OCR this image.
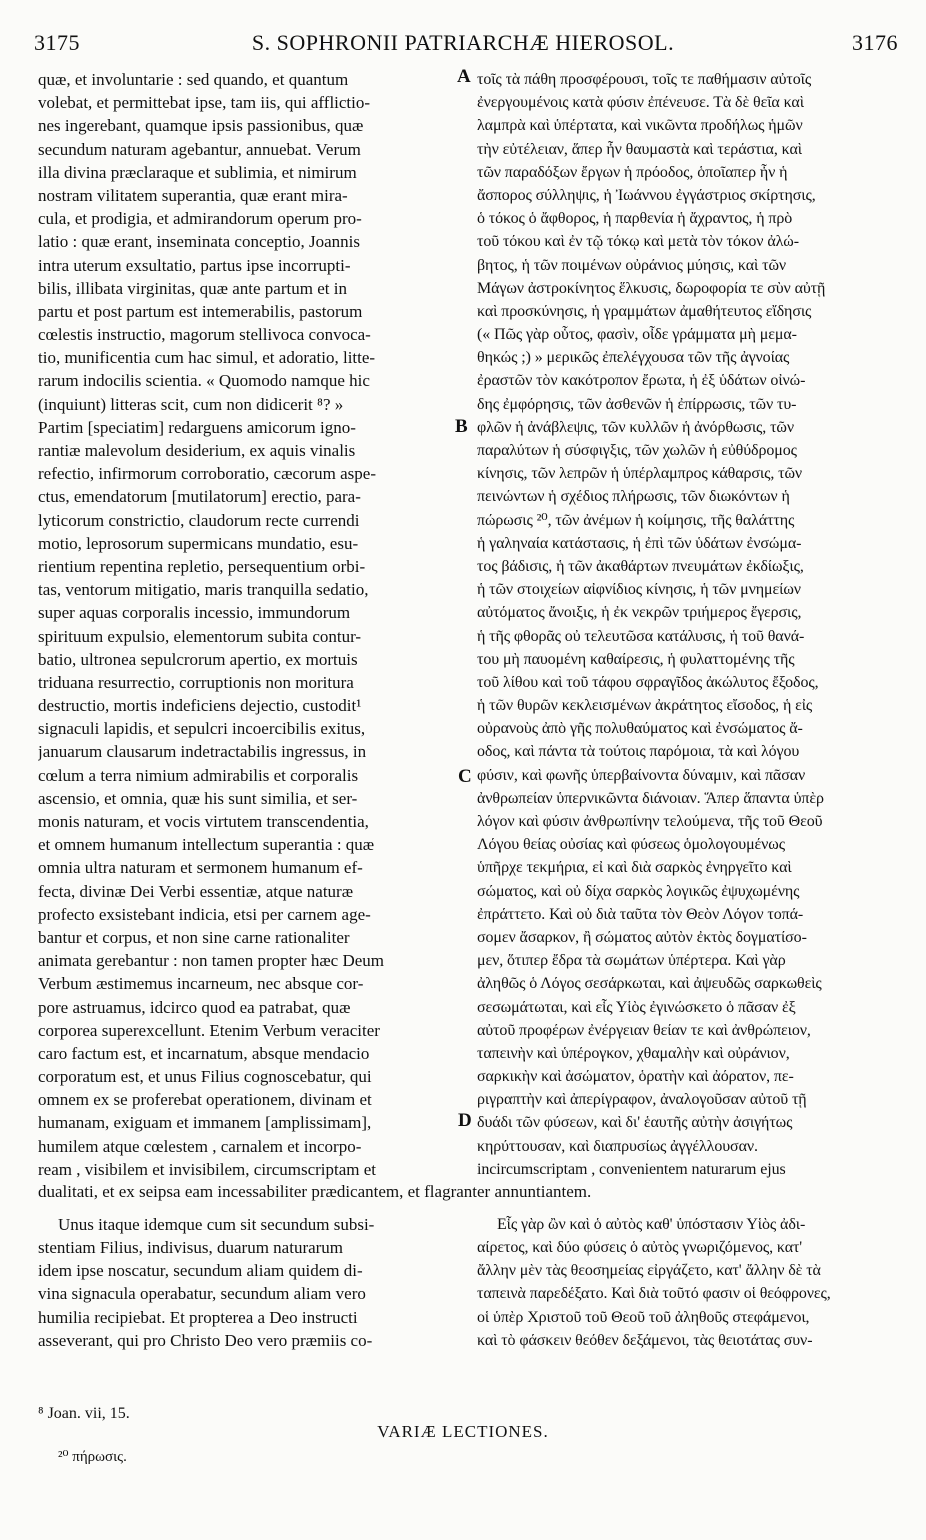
3175	S. SOPHRONII PATRIARCHÆ HIEROSOL.	3176
quæ, et involuntarie : sed quando, et quantum
volebat, et permittebat ipse, tam iis, qui afflictio-
nes ingerebant, quamque ipsis passionibus, quæ
secundum naturam agebantur, annuebat. Verum
illa divina præclaraque et sublimia, et nimirum
nostram vilitatem superantia, quæ erant mira-
cula, et prodigia, et admirandorum operum pro-
latio : quæ erant, inseminata conceptio, Joannis
intra uterum exsultatio, partus ipse incorrupti-
bilis, illibata virginitas, quæ ante partum et in
partu et post partum est intemerabilis, pastorum
cœlestis instructio, magorum stellivoca convoca-
tio, munificentia cum hac simul, et adoratio, litte-
rarum indocilis scientia. « Quomodo namque hic
(inquiunt) litteras scit, cum non didicerit ⁸? »
Partim [speciatim] redarguens amicorum igno-
rantiæ malevolum desiderium, ex aquis vinalis
refectio, infirmorum corroboratio, cæcorum aspe-
ctus, emendatorum [mutilatorum] erectio, para-
lyticorum constrictio, claudorum recte currendi
motio, leprosorum supermicans mundatio, esu-
rientium repentina repletio, persequentium orbi-
tas, ventorum mitigatio, maris tranquilla sedatio,
super aquas corporalis incessio, immundorum
spirituum expulsio, elementorum subita contur-
batio, ultronea sepulcrorum apertio, ex mortuis
triduana resurrectio, corruptionis non moritura
destructio, mortis indeficiens dejectio, custodit¹
signaculi lapidis, et sepulcri incoercibilis exitus,
januarum clausarum indetractabilis ingressus, in
cœlum a terra nimium admirabilis et corporalis
ascensio, et omnia, quæ his sunt similia, et ser-
monis naturam, et vocis virtutem transcendentia,
et omnem humanum intellectum superantia : quæ
omnia ultra naturam et sermonem humanum ef-
fecta, divinæ Dei Verbi essentiæ, atque naturæ
profecto exsistebant indicia, etsi per carnem age-
bantur et corpus, et non sine carne rationaliter
animata gerebantur : non tamen propter hæc Deum
Verbum æstimemus incarneum, nec absque cor-
pore astruamus, idcirco quod ea patrabat, quæ
corporea superexcellunt. Etenim Verbum veraciter
caro factum est, et incarnatum, absque mendacio
corporatum est, et unus Filius cognoscebatur, qui
omnem ex se proferebat operationem, divinam et
humanam, exiguam et immanem [amplissimam],
humilem atque cœlestem , carnalem et incorpo-
ream , visibilem et invisibilem, circumscriptam et
τοῖς τὰ πάθη προσφέρουσι, τοῖς τε παθήμασιν αὐτοῖς
ἐνεργουμένοις κατὰ φύσιν ἐπένευσε. Τὰ δὲ θεῖα καὶ
λαμπρὰ καὶ ὑπέρτατα, καὶ νικῶντα προδήλως ἡμῶν
τὴν εὐτέλειαν, ἅπερ ἦν θαυμαστὰ καὶ τεράστια, καὶ
τῶν παραδόξων ἔργων ἡ πρόοδος, ὁποῖαπερ ἦν ἡ
ἄσπορος σύλληψις, ἡ Ἰωάννου ἐγγάστριος σκίρτησις,
ὁ τόκος ὁ ἄφθορος, ἡ παρθενία ἡ ἄχραντος, ἡ πρὸ
τοῦ τόκου καὶ ἐν τῷ τόκῳ καὶ μετὰ τὸν τόκον ἀλώ-
βητος, ἡ τῶν ποιμένων οὐράνιος μύησις, καὶ τῶν
Μάγων ἀστροκίνητος ἕλκυσις, δωροφορία τε σὺν αὐτῇ
καὶ προσκύνησις, ἡ γραμμάτων ἀμαθήτευτος εἴδησις
(« Πῶς γὰρ οὗτος, φασὶν, οἶδε γράμματα μὴ μεμα-
θηκώς ;) » μερικῶς ἐπελέγχουσα τῶν τῆς ἀγνοίας
ἐραστῶν τὸν κακότροπον ἔρωτα, ἡ ἐξ ὑδάτων οἰνώ-
δης ἐμφόρησις, τῶν ἀσθενῶν ἡ ἐπίρρωσις, τῶν τυ-
φλῶν ἡ ἀνάβλεψις, τῶν κυλλῶν ἡ ἀνόρθωσις, τῶν
παραλύτων ἡ σύσφιγξις, τῶν χωλῶν ἡ εὐθύδρομος
κίνησις, τῶν λεπρῶν ἡ ὑπέρλαμπρος κάθαρσις, τῶν
πεινώντων ἡ σχέδιος πλήρωσις, τῶν διωκόντων ἡ
πώρωσις ²⁰, τῶν ἀνέμων ἡ κοίμησις, τῆς θαλάττης
ἡ γαληναία κατάστασις, ἡ ἐπὶ τῶν ὑδάτων ἐνσώμα-
τος βάδισις, ἡ τῶν ἀκαθάρτων πνευμάτων ἐκδίωξις,
ἡ τῶν στοιχείων αἰφνίδιος κίνησις, ἡ τῶν μνημείων
αὐτόματος ἄνοιξις, ἡ ἐκ νεκρῶν τριήμερος ἔγερσις,
ἡ τῆς φθορᾶς οὐ τελευτῶσα κατάλυσις, ἡ τοῦ θανά-
του μὴ παυομένη καθαίρεσις, ἡ φυλαττομένης τῆς
τοῦ λίθου καὶ τοῦ τάφου σφραγῖδος ἀκώλυτος ἔξοδος,
ἡ τῶν θυρῶν κεκλεισμένων ἀκράτητος εἴσοδος, ἡ εἰς
οὐρανοὺς ἀπὸ γῆς πολυθαύματος καὶ ἐνσώματος ἄ-
οδος, καὶ πάντα τὰ τούτοις παρόμοια, τὰ καὶ λόγου
φύσιν, καὶ φωνῆς ὑπερβαίνοντα δύναμιν, καὶ πᾶσαν
ἀνθρωπείαν ὑπερνικῶντα διάνοιαν. Ἅπερ ἅπαντα ὑπὲρ
λόγον καὶ φύσιν ἀνθρωπίνην τελούμενα, τῆς τοῦ Θεοῦ
Λόγου θείας οὐσίας καὶ φύσεως ὁμολογουμένως
ὑπῆρχε τεκμήρια, εἰ καὶ διὰ σαρκὸς ἐνηργεῖτο καὶ
σώματος, καὶ οὐ δίχα σαρκὸς λογικῶς ἐψυχωμένης
ἐπράττετο. Καὶ οὐ διὰ ταῦτα τὸν Θεὸν Λόγον τοπά-
σομεν ἄσαρκον, ἢ σώματος αὐτὸν ἐκτὸς δογματίσο-
μεν, ὅτιπερ ἔδρα τὰ σωμάτων ὑπέρτερα. Καὶ γὰρ
ἀληθῶς ὁ Λόγος σεσάρκωται, καὶ ἀψευδῶς σαρκωθεὶς
σεσωμάτωται, καὶ εἷς Υἱὸς ἐγινώσκετο ὁ πᾶσαν ἐξ
αὐτοῦ προφέρων ἐνέργειαν θείαν τε καὶ ἀνθρώπειον,
ταπεινὴν καὶ ὑπέρογκον, χθαμαλὴν καὶ οὐράνιον,
σαρκικὴν καὶ ἀσώματον, ὁρατὴν καὶ ἀόρατον, πε-
ριγραπτὴν καὶ ἀπερίγραφον, ἀναλογοῦσαν αὐτοῦ τῇ
δυάδι τῶν φύσεων, καὶ δι' ἑαυτῆς αὐτὴν ἀσιγήτως
κηρύττουσαν, καὶ διαπρυσίως ἀγγέλλουσαν.
incircumscriptam , convenientem naturarum ejus
A
B
C
D
⁸ Joan. vii, 15.
VARIÆ LECTIONES.
²⁰ πήρωσις.
dualitati, et ex seipsa eam incessabiliter prædicantem, et flagranter annuntiantem.
Unus itaque idemque cum sit secundum subsi-
stentiam Filius, indivisus, duarum naturarum
idem ipse noscatur, secundum aliam quidem di-
vina signacula operabatur, secundum aliam vero
humilia recipiebat. Et propterea a Deo instructi
asseverant, qui pro Christo Deo vero præmiis co-
Εἷς γὰρ ὢν καὶ ὁ αὐτὸς καθ' ὑπόστασιν Υἱὸς ἀδι-
αίρετος, καὶ δύο φύσεις ὁ αὐτὸς γνωριζόμενος, κατ'
ἄλλην μὲν τὰς θεοσημείας εἰργάζετο, κατ' ἄλλην δὲ τὰ
ταπεινὰ παρεδέξατο. Καὶ διὰ τοῦτό φασιν οἱ θεόφρονες,
οἱ ὑπὲρ Χριστοῦ τοῦ Θεοῦ τοῦ ἀληθοῦς στεφάμενοι,
καὶ τὸ φάσκειν θεόθεν δεξάμενοι, τὰς θειοτάτας συν-
